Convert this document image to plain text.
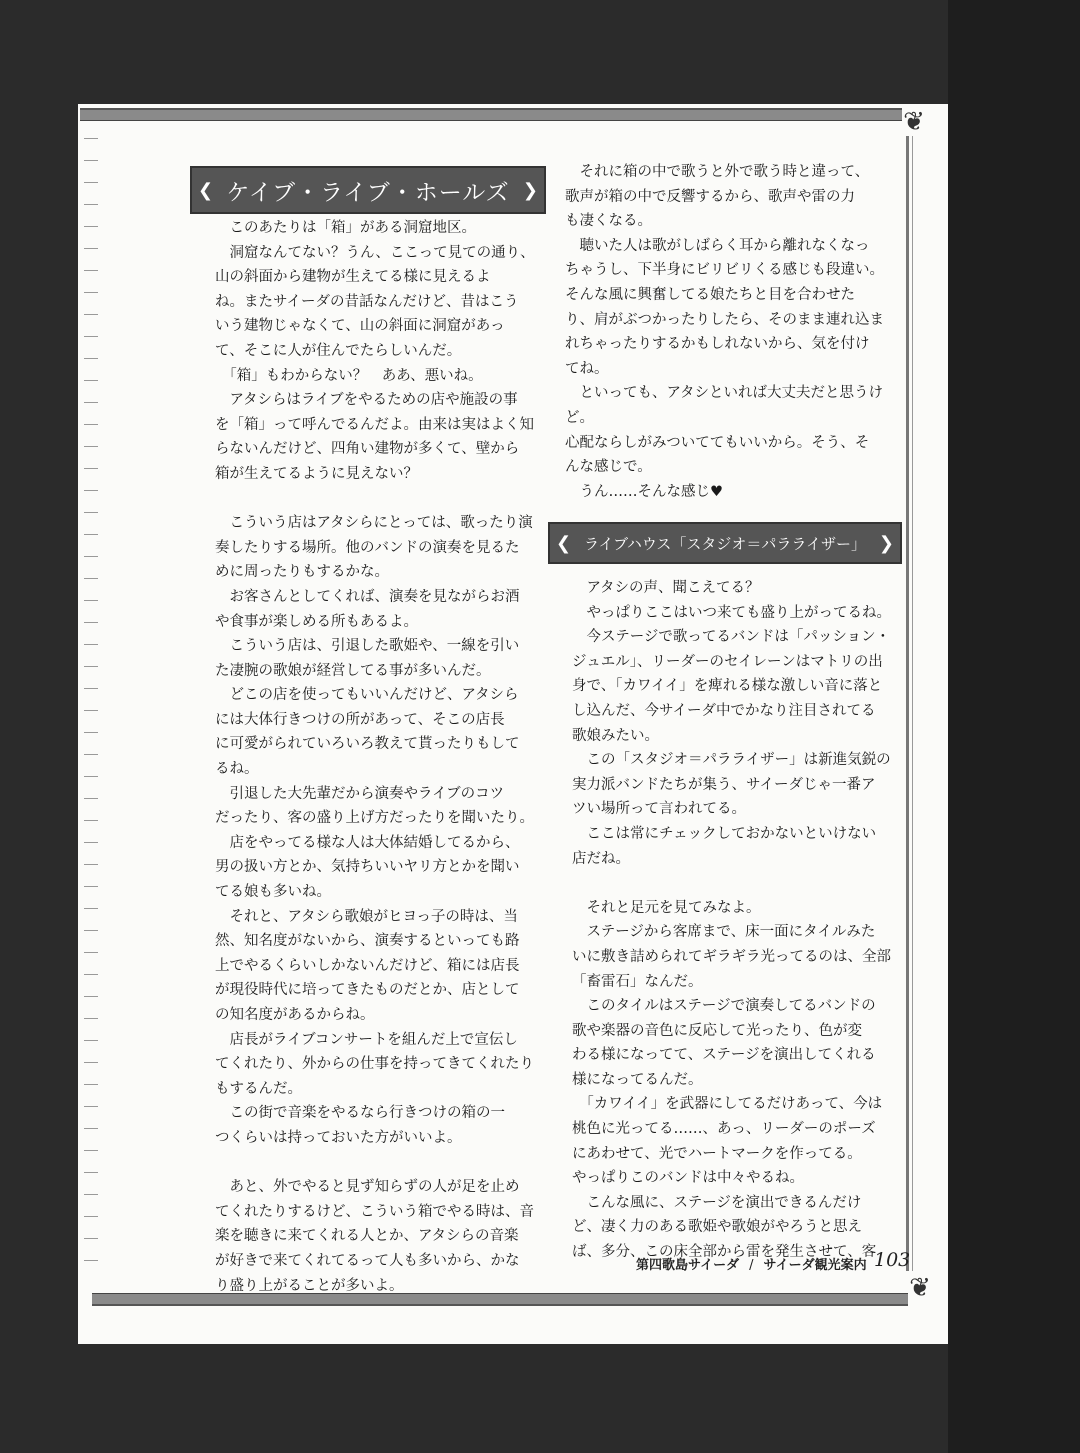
❦
❦
❮ ケイブ・ライブ・ホールズ ❯

　このあたりは「箱」がある洞窟地区。

　洞窟なんてない？うん、ここって見ての通り、

山の斜面から建物が生えてる様に見えるよ

ね。またサイーダの昔話なんだけど、昔はこう

いう建物じゃなくて、山の斜面に洞窟があっ

て、そこに人が住んでたらしいんだ。

　「箱」もわからない？　ああ、悪いね。

　アタシらはライブをやるための店や施設の事

を「箱」って呼んでるんだよ。由来は実はよく知

らないんだけど、四角い建物が多くて、壁から

箱が生えてるように見えない？

　こういう店はアタシらにとっては、歌ったり演

奏したりする場所。他のバンドの演奏を見るた

めに周ったりもするかな。

　お客さんとしてくれば、演奏を見ながらお酒

や食事が楽しめる所もあるよ。

　こういう店は、引退した歌姫や、一線を引い

た凄腕の歌娘が経営してる事が多いんだ。

　どこの店を使ってもいいんだけど、アタシら

には大体行きつけの所があって、そこの店長

に可愛がられていろいろ教えて貰ったりもして

るね。

　引退した大先輩だから演奏やライブのコツ

だったり、客の盛り上げ方だったりを聞いたり。

　店をやってる様な人は大体結婚してるから、

男の扱い方とか、気持ちいいヤリ方とかを聞い

てる娘も多いね。

　それと、アタシら歌娘がヒヨっ子の時は、当

然、知名度がないから、演奏するといっても路

上でやるくらいしかないんだけど、箱には店長

が現役時代に培ってきたものだとか、店として

の知名度があるからね。

　店長がライブコンサートを組んだ上で宣伝し

てくれたり、外からの仕事を持ってきてくれたり

もするんだ。

　この街で音楽をやるなら行きつけの箱の一

つくらいは持っておいた方がいいよ。

　あと、外でやると見ず知らずの人が足を止め

てくれたりするけど、こういう箱でやる時は、音

楽を聴きに来てくれる人とか、アタシらの音楽

が好きで来てくれてるって人も多いから、かな

り盛り上がることが多いよ。

　それに箱の中で歌うと外で歌う時と違って、

歌声が箱の中で反響するから、歌声や雷の力

も凄くなる。

　聴いた人は歌がしばらく耳から離れなくなっ

ちゃうし、下半身にビリビリくる感じも段違い。

そんな風に興奮してる娘たちと目を合わせた

り、肩がぶつかったりしたら、そのまま連れ込ま

れちゃったりするかもしれないから、気を付け

てね。

　といっても、アタシといれば大丈夫だと思うけ

ど。

心配ならしがみついててもいいから。そう、そ

んな感じで。

　うん……そんな感じ♥

❮ ライブハウス「スタジオ＝パラライザー」 ❯

　アタシの声、聞こえてる？

　やっぱりここはいつ来ても盛り上がってるね。

　今ステージで歌ってるバンドは「パッション・

ジュエル」、リーダーのセイレーンはマトリの出

身で、「カワイイ」を痺れる様な激しい音に落と

し込んだ、今サイーダ中でかなり注目されてる

歌娘みたい。

　この「スタジオ＝パラライザー」は新進気鋭の

実力派バンドたちが集う、サイーダじゃ一番ア

ツい場所って言われてる。

　ここは常にチェックしておかないといけない

店だね。

　それと足元を見てみなよ。

　ステージから客席まで、床一面にタイルみた

いに敷き詰められてギラギラ光ってるのは、全部

「畜雷石」なんだ。

　このタイルはステージで演奏してるバンドの

歌や楽器の音色に反応して光ったり、色が変

わる様になってて、ステージを演出してくれる

様になってるんだ。

　「カワイイ」を武器にしてるだけあって、今は

桃色に光ってる……、あっ、リーダーのポーズ

にあわせて、光でハートマークを作ってる。

やっぱりこのバンドは中々やるね。

　こんな風に、ステージを演出できるんだけ

ど、凄く力のある歌姫や歌娘がやろうと思え

ば、多分、この床全部から雷を発生させて、客

第四歌島サイーダ / サイーダ観光案内 103
